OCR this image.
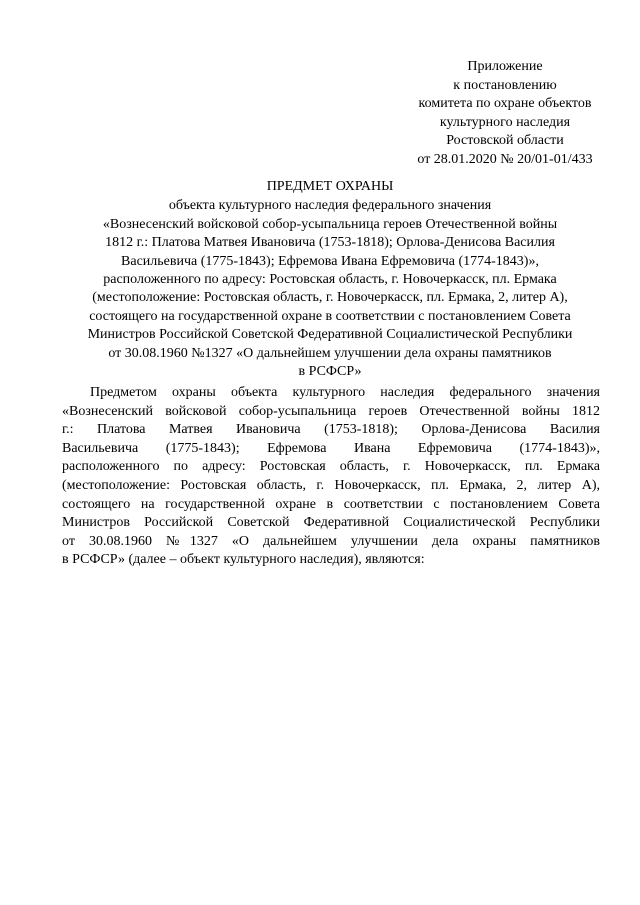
Приложение
к постановлению
комитета по охране объектов
культурного наследия
Ростовской области
от 28.01.2020 № 20/01-01/433
ПРЕДМЕТ ОХРАНЫ
объекта культурного наследия федерального значения
«Вознесенский войсковой собор-усыпальница героев Отечественной войны
1812 г.: Платова Матвея Ивановича (1753-1818); Орлова-Денисова Василия
Васильевича (1775-1843); Ефремова Ивана Ефремовича (1774-1843)»,
расположенного по адресу: Ростовская область, г. Новочеркасск, пл. Ермака
(местоположение: Ростовская область, г. Новочеркасск, пл. Ермака, 2, литер А),
состоящего на государственной охране в соответствии с постановлением Совета
Министров Российской Советской Федеративной Социалистической Республики
от 30.08.1960 №1327 «О дальнейшем улучшении дела охраны памятников
в РСФСР»
Предметом охраны объекта культурного наследия федерального значения
«Вознесенский войсковой собор-усыпальница героев Отечественной войны 1812
г.: Платова Матвея Ивановича (1753-1818); Орлова-Денисова Василия
Васильевича (1775-1843); Ефремова Ивана Ефремовича (1774-1843)»,
расположенного по адресу: Ростовская область, г. Новочеркасск, пл. Ермака
(местоположение: Ростовская область, г. Новочеркасск, пл. Ермака, 2, литер А),
состоящего на государственной охране в соответствии с постановлением Совета
Министров Российской Советской Федеративной Социалистической Республики
от 30.08.1960 №1327 «О дальнейшем улучшении дела охраны памятников
в РСФСР» (далее – объект культурного наследия), являются:
